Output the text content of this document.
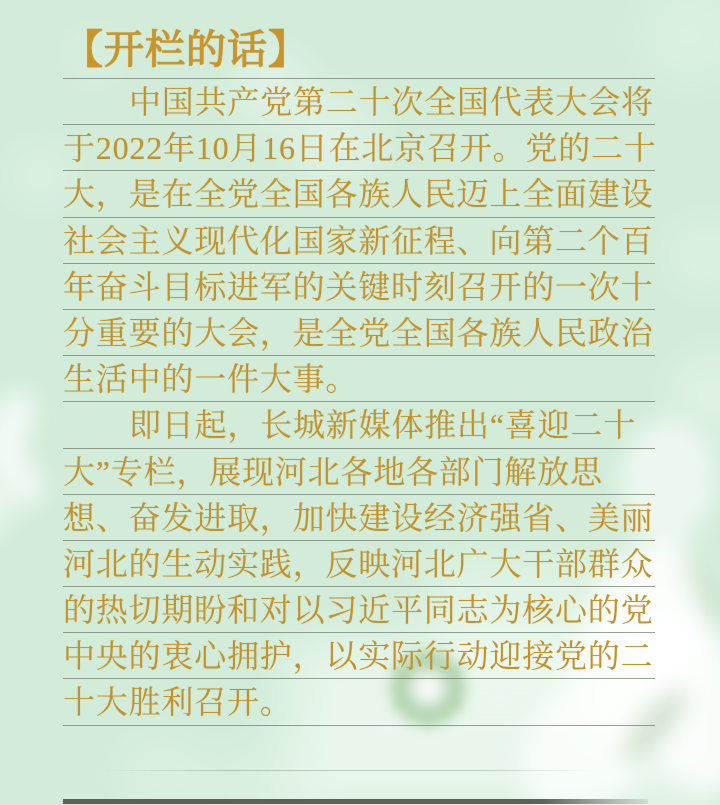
【开栏的话】
中国共产党第二十次全国代表大会将
于2022年10月16日在北京召开。党的二十
大，是在全党全国各族人民迈上全面建设
社会主义现代化国家新征程、向第二个百
年奋斗目标进军的关键时刻召开的一次十
分重要的大会，是全党全国各族人民政治
生活中的一件大事。
即日起，长城新媒体推出“喜迎二十
大”专栏，展现河北各地各部门解放思
想、奋发进取，加快建设经济强省、美丽
河北的生动实践，反映河北广大干部群众
的热切期盼和对以习近平同志为核心的党
中央的衷心拥护，以实际行动迎接党的二
十大胜利召开。
